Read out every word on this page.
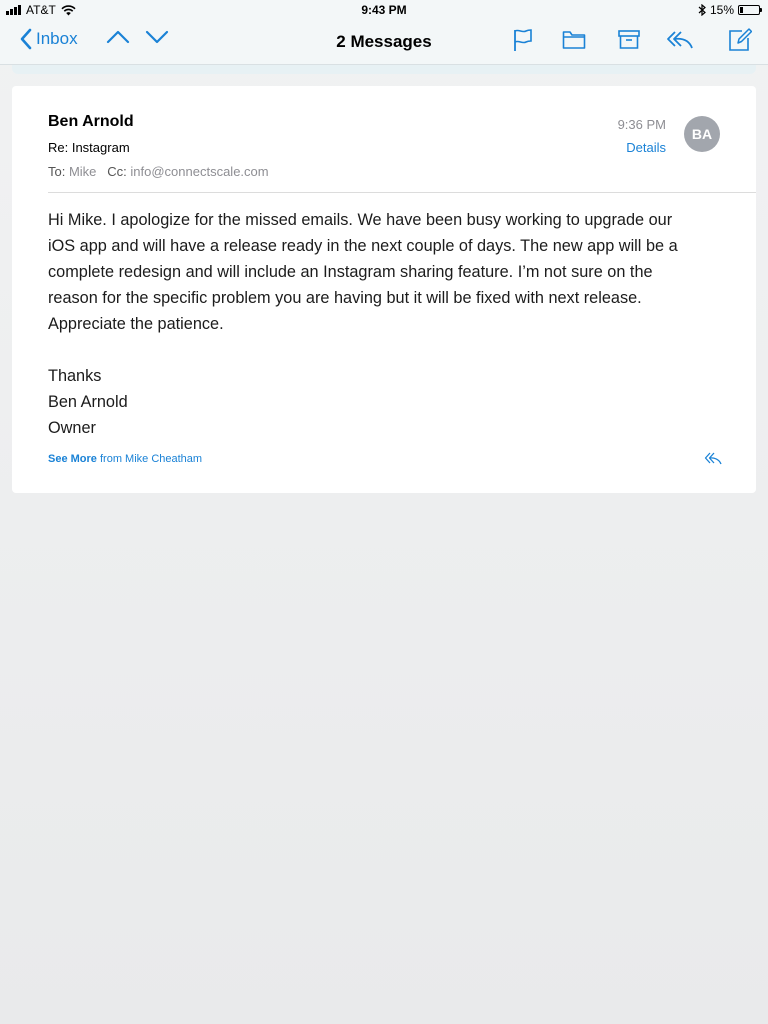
AT&T	9:43 PM	15%
Inbox	2 Messages
Ben Arnold
Re: Instagram
To: Mike Cc: info@connectscale.com
9:36 PM
Details
BA

Hi Mike. I apologize for the missed emails. We have been busy working to upgrade our

iOS app and will have a release ready in the next couple of days. The new app will be a

complete redesign and will include an Instagram sharing feature. I’m not sure on the

reason for the specific problem you are having but it will be fixed with next release.

Appreciate the patience.

Thanks

Ben Arnold

Owner

See More from Mike Cheatham
